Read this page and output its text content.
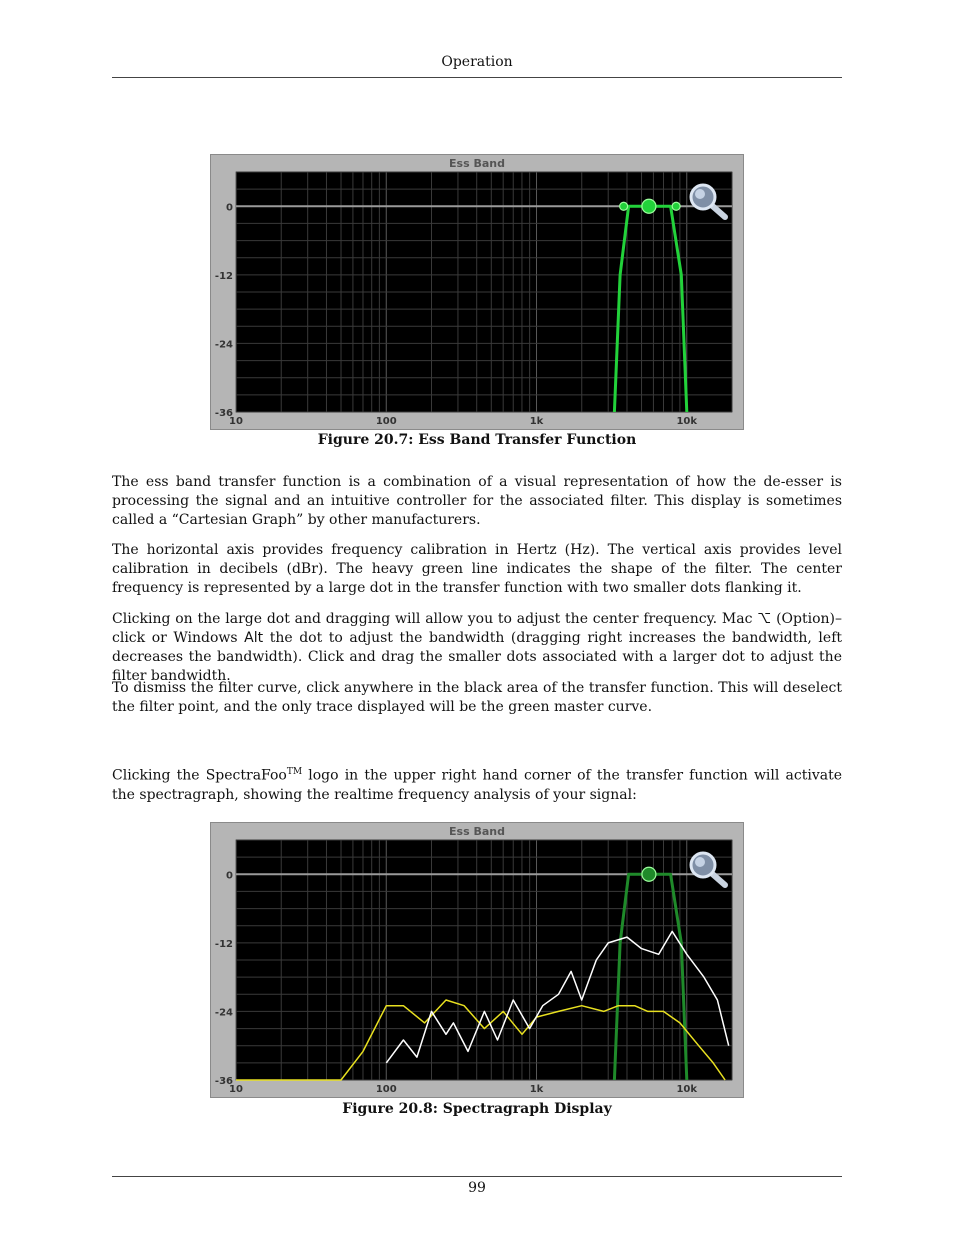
Operation
Ess Band
0
-12
-24
-36
10	100	1k	10k
Figure 20.7: Ess Band Transfer Function

The ess band transfer function is a combination of a visual representation of how the de-esser is processing the signal and an intuitive controller for the associated filter. This display is sometimes called a “Cartesian Graph” by other manufacturers.

The horizontal axis provides frequency calibration in Hertz (Hz). The vertical axis provides level calibration in decibels (dBr). The heavy green line indicates the shape of the filter. The center frequency is represented by a large dot in the transfer function with two smaller dots flanking it.

Clicking on the large dot and dragging will allow you to adjust the center frequency. Mac ⌥ (Option)–click or Windows Alt the dot to adjust the bandwidth (dragging right increases the bandwidth, left decreases the bandwidth). Click and drag the smaller dots associated with a larger dot to adjust the filter bandwidth.

To dismiss the filter curve, click anywhere in the black area of the transfer function. This will deselect the filter point, and the only trace displayed will be the green master curve.

Clicking the SpectraFoo™ logo in the upper right hand corner of the transfer function will activate the spectragraph, showing the realtime frequency analysis of your signal:

Ess Band
0
-12
-24
-36
10	100	1k	10k
Figure 20.8: Spectragraph Display
99
